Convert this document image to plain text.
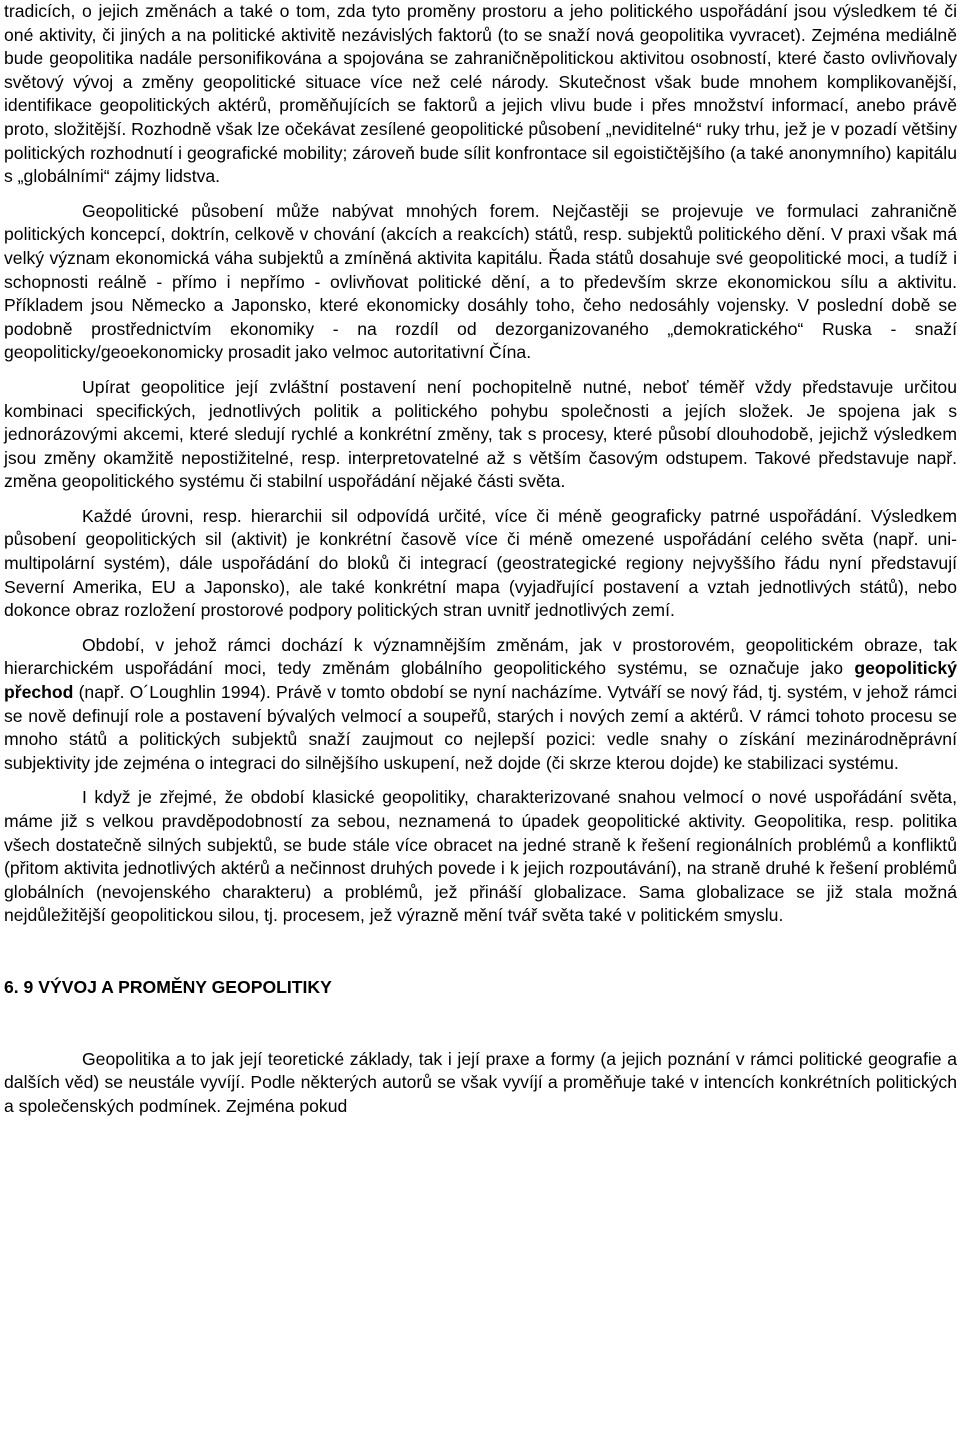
tradicích, o jejich změnách a také o tom, zda tyto proměny prostoru a jeho politického uspořádání jsou výsledkem té či oné aktivity, či jiných a na politické aktivitě nezávislých faktorů (to se snaží nová geopolitika vyvracet). Zejména mediálně bude geopolitika nadále personifikována a spojována se zahraničněpolitickou aktivitou osobností, které často ovlivňovaly světový vývoj a změny geopolitické situace více než celé národy. Skutečnost však bude mnohem komplikovanější, identifikace geopolitických aktérů, proměňujících se faktorů a jejich vlivu bude i přes množství informací, anebo právě proto, složitější. Rozhodně však lze očekávat zesílené geopolitické působení „neviditelné“ ruky trhu, jež je v pozadí většiny politických rozhodnutí i geografické mobility; zároveň bude sílit konfrontace sil egoističtějšího (a také anonymního) kapitálu s „globálními“ zájmy lidstva.

Geopolitické působení může nabývat mnohých forem. Nejčastěji se projevuje ve formulaci zahraničně politických koncepcí, doktrín, celkově v chování (akcích a reakcích) států, resp. subjektů politického dění. V praxi však má velký význam ekonomická váha subjektů a zmíněná aktivita kapitálu. Řada států dosahuje své geopolitické moci, a tudíž i schopnosti reálně - přímo i nepřímo - ovlivňovat politické dění, a to především skrze ekonomickou sílu a aktivitu. Příkladem jsou Německo a Japonsko, které ekonomicky dosáhly toho, čeho nedosáhly vojensky. V poslední době se podobně prostřednictvím ekonomiky - na rozdíl od dezorganizovaného „demokratického“ Ruska - snaží geopoliticky/geoekonomicky prosadit jako velmoc autoritativní Čína.

Upírat geopolitice její zvláštní postavení není pochopitelně nutné, neboť téměř vždy představuje určitou kombinaci specifických, jednotlivých politik a politického pohybu společnosti a jejích složek. Je spojena jak s jednorázovými akcemi, které sledují rychlé a konkrétní změny, tak s procesy, které působí dlouhodobě, jejichž výsledkem jsou změny okamžitě nepostižitelné, resp. interpretovatelné až s větším časovým odstupem. Takové představuje např. změna geopolitického systému či stabilní uspořádání nějaké části světa.

Každé úrovni, resp. hierarchii sil odpovídá určité, více či méně geograficky patrné uspořádání. Výsledkem působení geopolitických sil (aktivit) je konkrétní časově více či méně omezené uspořádání celého světa (např. uni-multipolární systém), dále uspořádání do bloků či integrací (geostrategické regiony nejvyššího řádu nyní představují Severní Amerika, EU a Japonsko), ale také konkrétní mapa (vyjadřující postavení a vztah jednotlivých států), nebo dokonce obraz rozložení prostorové podpory politických stran uvnitř jednotlivých zemí.

Období, v jehož rámci dochází k významnějším změnám, jak v prostorovém, geopolitickém obraze, tak hierarchickém uspořádání moci, tedy změnám globálního geopolitického systému, se označuje jako geopolitický přechod (např. O´Loughlin 1994). Právě v tomto období se nyní nacházíme. Vytváří se nový řád, tj. systém, v jehož rámci se nově definují role a postavení bývalých velmocí a soupeřů, starých i nových zemí a aktérů. V rámci tohoto procesu se mnoho států a politických subjektů snaží zaujmout co nejlepší pozici: vedle snahy o získání mezinárodněprávní subjektivity jde zejména o integraci do silnějšího uskupení, než dojde (či skrze kterou dojde) ke stabilizaci systému.

I když je zřejmé, že období klasické geopolitiky, charakterizované snahou velmocí o nové uspořádání světa, máme již s velkou pravděpodobností za sebou, neznamená to úpadek geopolitické aktivity. Geopolitika, resp. politika všech dostatečně silných subjektů, se bude stále více obracet na jedné straně k řešení regionálních problémů a konfliktů (přitom aktivita jednotlivých aktérů a nečinnost druhých povede i k jejich rozpoutávání), na straně druhé k řešení problémů globálních (nevojenského charakteru) a problémů, jež přináší globalizace. Sama globalizace se již stala možná nejdůležitější geopolitickou silou, tj. procesem, jež výrazně mění tvář světa také v politickém smyslu.

6. 9 VÝVOJ A PROMĚNY GEOPOLITIKY

Geopolitika a to jak její teoretické základy, tak i její praxe a formy (a jejich poznání v rámci politické geografie a dalších věd) se neustále vyvíjí. Podle některých autorů se však vyvíjí a proměňuje také v intencích konkrétních politických a společenských podmínek. Zejména pokud
